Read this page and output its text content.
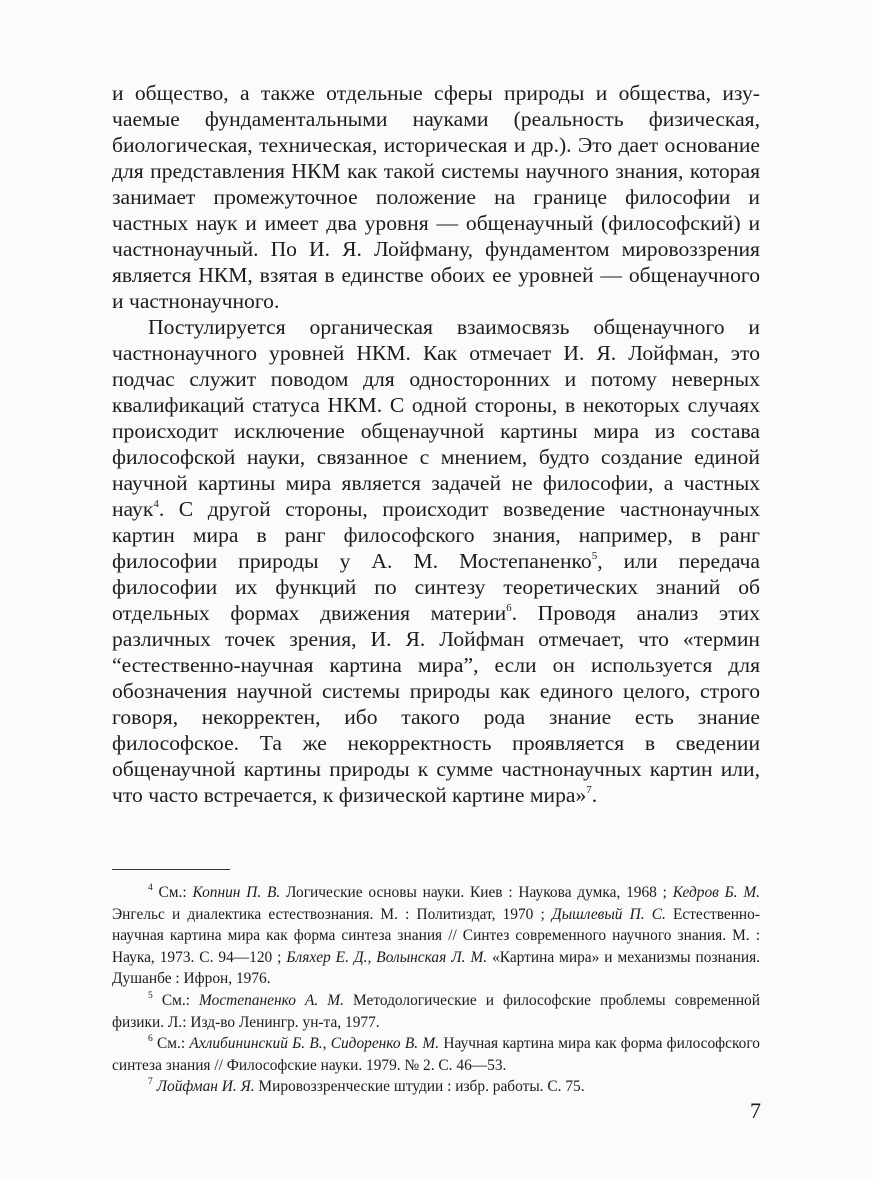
и общество, а также отдельные сферы природы и общества, изучаемые фундаментальными науками (реальность физическая, биологическая, техническая, историческая и др.). Это дает основание для представления НКМ как такой системы научного знания, которая занимает промежуточное положение на границе философии и частных наук и имеет два уровня — общенаучный (философский) и частнонаучный. По И. Я. Лойфману, фундаментом мировоззрения является НКМ, взятая в единстве обоих ее уровней — общенаучного и частнонаучного.

Постулируется органическая взаимосвязь общенаучного и частнонаучного уровней НКМ. Как отмечает И. Я. Лойфман, это подчас служит поводом для односторонних и потому неверных квалификаций статуса НКМ. С одной стороны, в некоторых случаях происходит исключение общенаучной картины мира из состава философской науки, связанное с мнением, будто создание единой научной картины мира является задачей не философии, а частных наук$^4$. С другой стороны, происходит возведение частнонаучных картин мира в ранг философского знания, например, в ранг философии природы у А. М. Мостепаненко$^5$, или передача философии их функций по синтезу теоретических знаний об отдельных формах движения материи$^6$. Проводя анализ этих различных точек зрения, И. Я. Лойфман отмечает, что «термин “естественно-научная картина мира”, если он используется для обозначения научной системы природы как единого целого, строго говоря, некорректен, ибо такого рода знание есть знание философское. Та же некорректность проявляется в сведении общенаучной картины природы к сумме частнонаучных картин или, что часто встречается, к физической картине мира»$^7$.

$^4$ См.: Копнин П. В. Логические основы науки. Киев : Наукова думка, 1968 ; Кедров Б. М. Энгельс и диалектика естествознания. М. : Политиздат, 1970 ; Дышлевый П. С. Естественно-научная картина мира как форма синтеза знания // Синтез современного научного знания. М. : Наука, 1973. С. 94—120 ; Бляхер Е. Д., Волынская Л. М. «Картина мира» и механизмы познания. Душанбе : Ифрон, 1976.

$^5$ См.: Мостепаненко А. М. Методологические и философские проблемы современной физики. Л.: Изд-во Ленингр. ун-та, 1977.

$^6$ См.: Ахлибининский Б. В., Сидоренко В. М. Научная картина мира как форма философского синтеза знания // Философские науки. 1979. № 2. С. 46—53.

$^7$ Лойфман И. Я. Мировоззренческие штудии : избр. работы. С. 75.

7
